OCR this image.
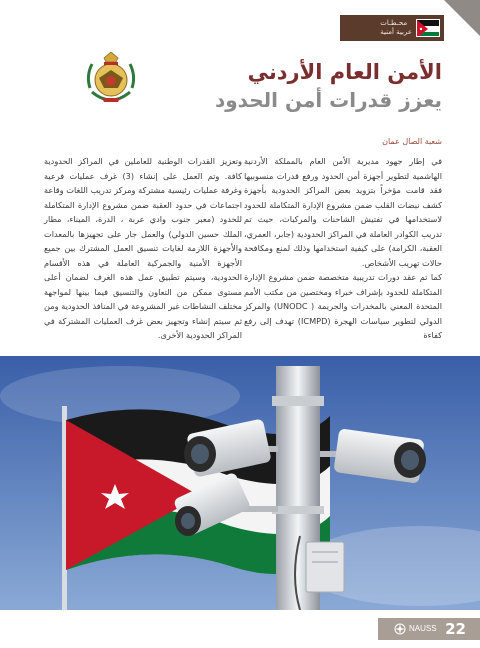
محـطـات
عربية أمنية
الأمن العام الأردني
يعزز قدرات أمن الحدود
شعبة الصال عمان

في إطار جهود مديرية الأمن العام بالمملكة الأردنية الهاشمية لتطوير أجهزة أمن الحدود ورفع قدرات منسوبيها فقد قامت مؤخراً بتزويد بعض المراكز الحدودية بأجهزة كشف نبضات القلب ضمن مشروع الإدارة المتكاملة للحدود لاستخدامها في تفتيش الشاحنات والمركبات، حيث تم تدريب الكوادر العاملة في المراكز الحدودية (جابر، العمري، العقبة، الكرامة) على كيفية استخدامها وذلك لمنع ومكافحة حالات تهريب الأشخاص.

كما تم عقد دورات تدريبية متخصصة ضمن مشروع الإدارة المتكاملة للحدود بإشراف خبراء ومختصين من مكتب الأمم المتحدة المعني بالمخدرات والجريمة ( UNODC) والمركز الدولي لتطوير سياسات الهجرة (ICMPD) تهدف إلى رفع كفاءة

وتعزيز القدرات الوطنية للعاملين في المراكز الحدودية كافة. وتم العمل على إنشاء (3) غرف عمليات فرعية وغرفة عمليات رئيسية مشتركة ومركز تدريب اللغات وقاعة اجتماعات في حدود العقبة ضمن مشروع الإدارة المتكاملة للحدود (معبر جنوب وادي عربة ، الدرة، الميناء، مطار الملك حسين الدولي) والعمل جار على تجهيزها بالمعدات والأجهزة اللازمة لغايات تنسيق العمل المشترك بين جميع الأجهزة الأمنية والجمركية العاملة في هذه الأقسام الحدودية، وسيتم تطبيق عمل هذه الغرف لضمان أعلى مستوى ممكن من التعاون والتنسيق فيما بينها لمواجهة مختلف النشاطات غير المشروعة في المنافذ الحدودية ومن ثم سيتم إنشاء وتجهيز بعض غرف العمليات المشتركة في المراكز الحدودية الأخرى.

NAUSS 22
